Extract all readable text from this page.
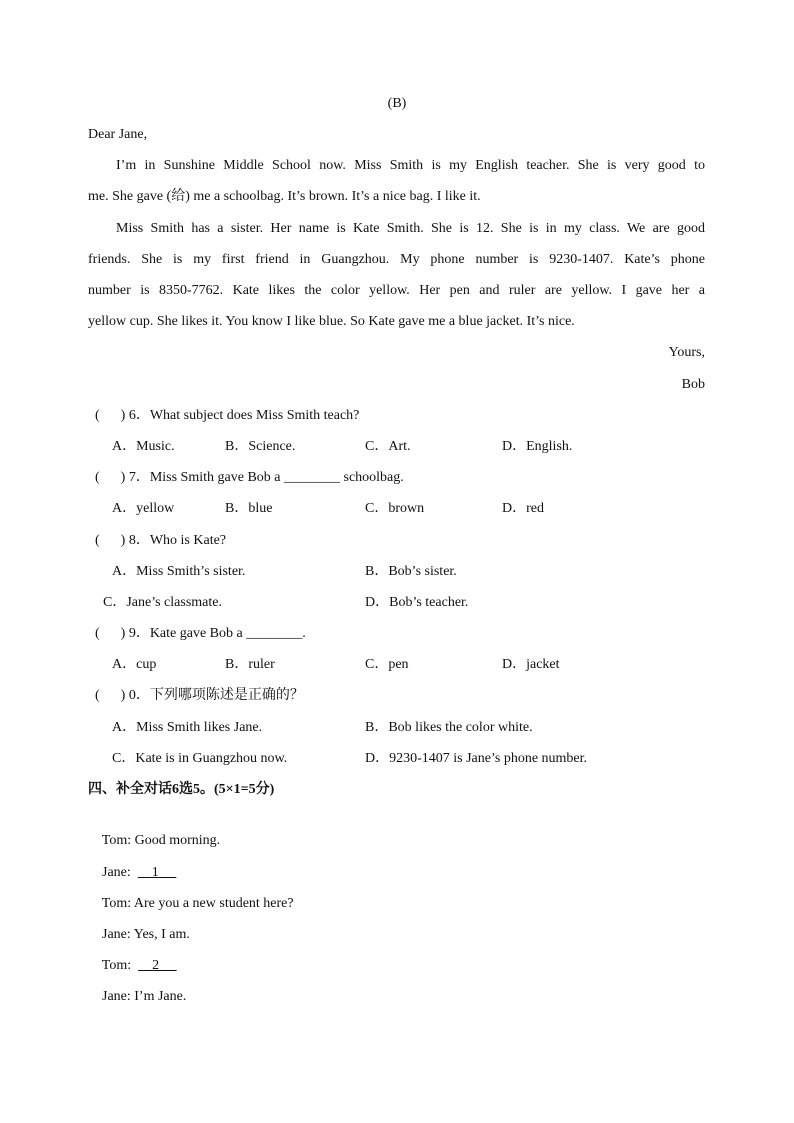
(B)
Dear Jane,
I’m in Sunshine Middle School now. Miss Smith is my English teacher. She is very good to
me. She gave (给) me a schoolbag. It’s brown. It’s a nice bag. I like it.
Miss Smith has a sister. Her name is Kate Smith. She is 12. She is in my class. We are good
friends. She is my first friend in Guangzhou. My phone number is 9230-1407. Kate’s phone
number is 8350-7762. Kate likes the color yellow. Her pen and ruler are yellow. I gave her a
yellow cup. She likes it. You know I like blue. So Kate gave me a blue jacket. It’s nice.
Yours,
Bob
(      ) 6．What subject does Miss Smith teach?
A．Music.	B．Science.	C．Art.	D．English.
(      ) 7．Miss Smith gave Bob a ________ schoolbag.
A．yellow	B．blue	C．brown	D．red
(      ) 8．Who is Kate?
A．Miss Smith’s sister.	B．Bob’s sister.
C．Jane’s classmate.	D．Bob’s teacher.
(      ) 9．Kate gave Bob a ________.
A．cup	B．ruler	C．pen	D．jacket
(      ) 0．下列哪项陈述是正确的？
A．Miss Smith likes Jane.	B．Bob likes the color white.
C．Kate is in Guangzhou now.	D．9230-1407 is Jane’s phone number.
四、补全对话6选5。(5×1=5分)

Tom: Good morning.

Jane: 1

Tom: Are you a new student here?

Jane: Yes, I am.

Tom: 2

Jane: I’m Jane.
